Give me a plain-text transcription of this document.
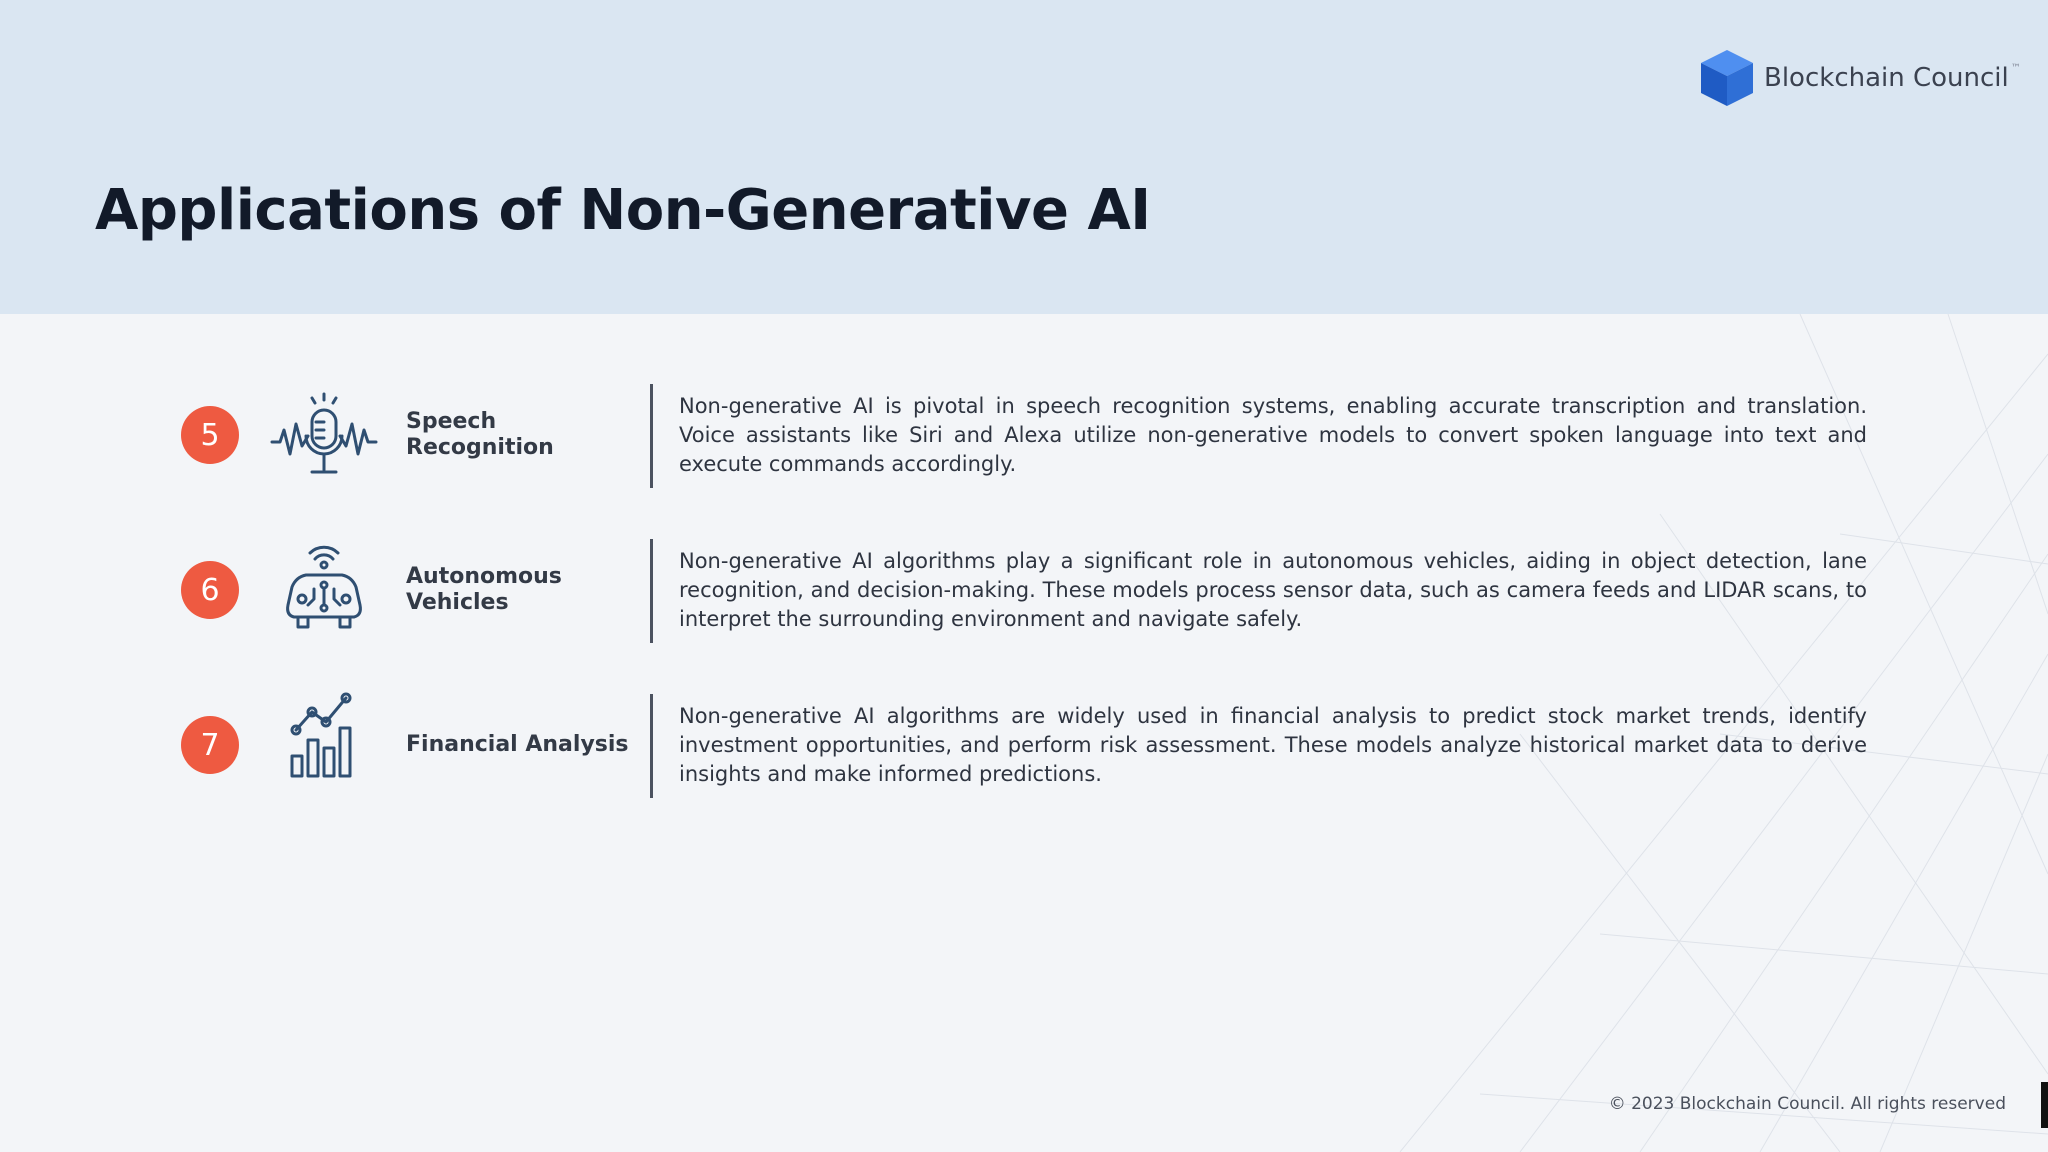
Applications of Non-Generative AI
Blockchain Council ™
5	Speech Recognition

Non-generative AI is pivotal in speech recognition systems, enabling accurate transcription and translation. Voice assistants like Siri and Alexa utilize non-generative models to convert spoken language into text and execute commands accordingly.

6	Autonomous Vehicles

Non-generative AI algorithms play a significant role in autonomous vehicles, aiding in object detection, lane recognition, and decision-making. These models process sensor data, such as camera feeds and LIDAR scans, to interpret the surrounding environment and navigate safely.

7	Financial Analysis

Non-generative AI algorithms are widely used in financial analysis to predict stock market trends, identify investment opportunities, and perform risk assessment. These models analyze historical market data to derive insights and make informed predictions.

© 2023 Blockchain Council. All rights reserved
